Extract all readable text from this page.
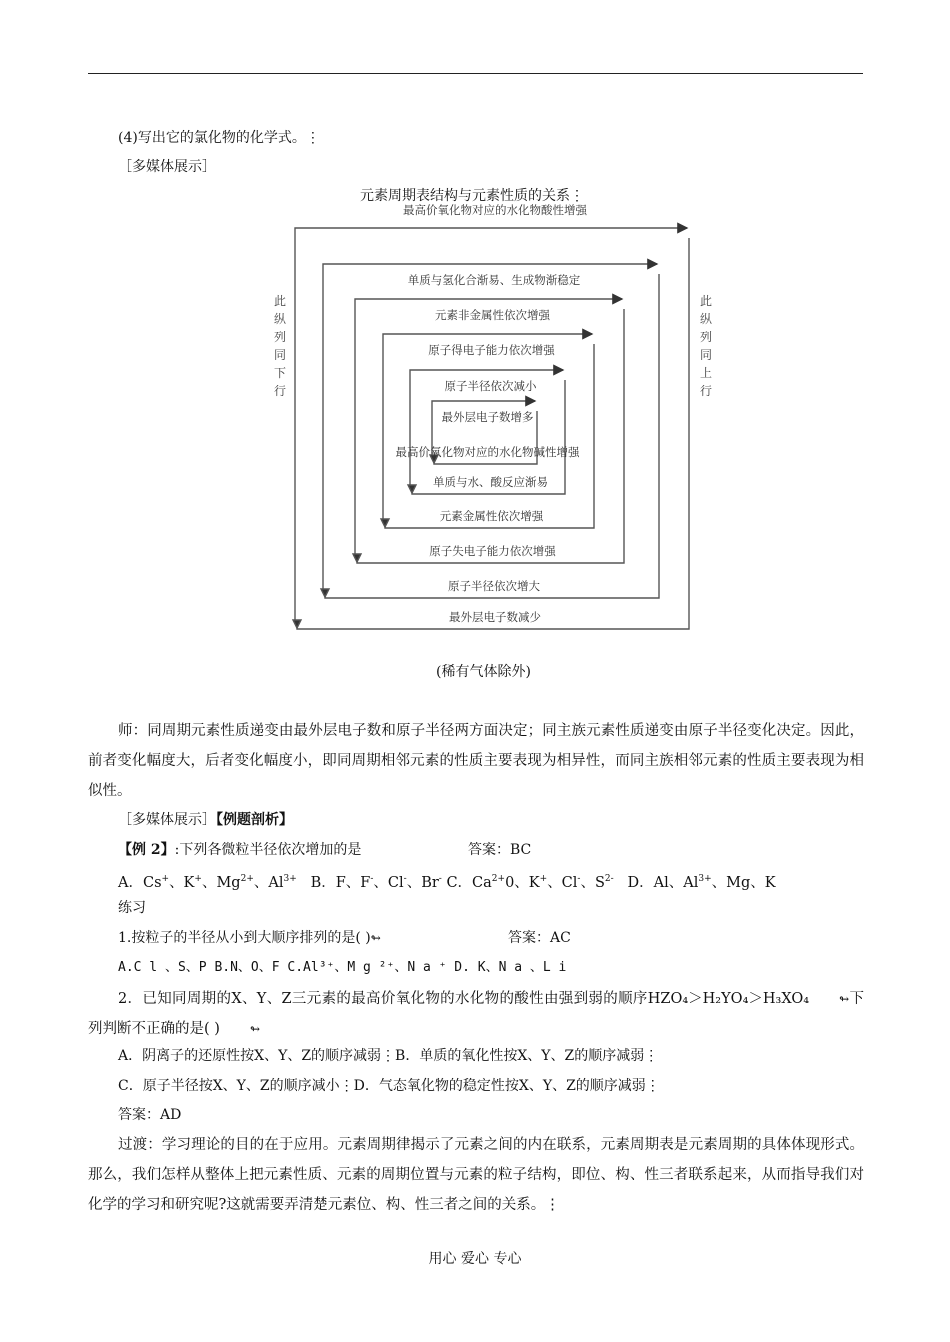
(4)写出它的氯化物的化学式。⋮
［多媒体展示］
元素周期表结构与元素性质的关系⋮
最高价氧化物对应的水化物酸性增强
最外层电子数减少
单质与氢化合渐易、生成物渐稳定
原子半径依次增大
元素非金属性依次增强
原子失电子能力依次增强
原子得电子能力依次增强
元素金属性依次增强
原子半径依次减小
单质与水、酸反应渐易
最外层电子数增多
最高价氧化物对应的水化物碱性增强
此
纵
列
同
下
行
此
纵
列
同
上
行
(稀有气体除外)
师：同周期元素性质递变由最外层电子数和原子半径两方面决定；同主族元素性质递变由原子半径变化决定。因此，前者变化幅度大，后者变化幅度小，即同周期相邻元素的性质主要表现为相异性，而同主族相邻元素的性质主要表现为相似性。
［多媒体展示］【例题剖析】
【例 2】:下列各微粒半径依次增加的是	答案：BC
A．Cs+、K+、$Mg^{2+}$、$Al^{3+}$ B．F、F-、Cl-、Br- C．$Ca^{2+}0$、K+、Cl-、$S^{2-}$ D．Al、$Al^{3+}$、Mg、K
练习
1.按粒子的半径从小到大顺序排列的是( )↬	答案：AC
A.C l 、S、P B.N、O、F C.Al³⁺、M g ²⁺、N a ⁺ D. K、N a 、L i
2．已知同周期的X、Y、Z三元素的最高价氧化物的水化物的酸性由强到弱的顺序HZO₄＞H₂YO₄＞H₃XO₄	↬下列判断不正确的是( )	↬
A．阴离子的还原性按X、Y、Z的顺序减弱⋮B．单质的氧化性按X、Y、Z的顺序减弱⋮
C．原子半径按X、Y、Z的顺序减小⋮D．气态氧化物的稳定性按X、Y、Z的顺序减弱⋮
答案：AD
过渡：学习理论的目的在于应用。元素周期律揭示了元素之间的内在联系，元素周期表是元素周期的具体体现形式。那么，我们怎样从整体上把元素性质、元素的周期位置与元素的粒子结构，即位、构、性三者联系起来，从而指导我们对化学的学习和研究呢?这就需要弄清楚元素位、构、性三者之间的关系。⋮
用心 爱心 专心
